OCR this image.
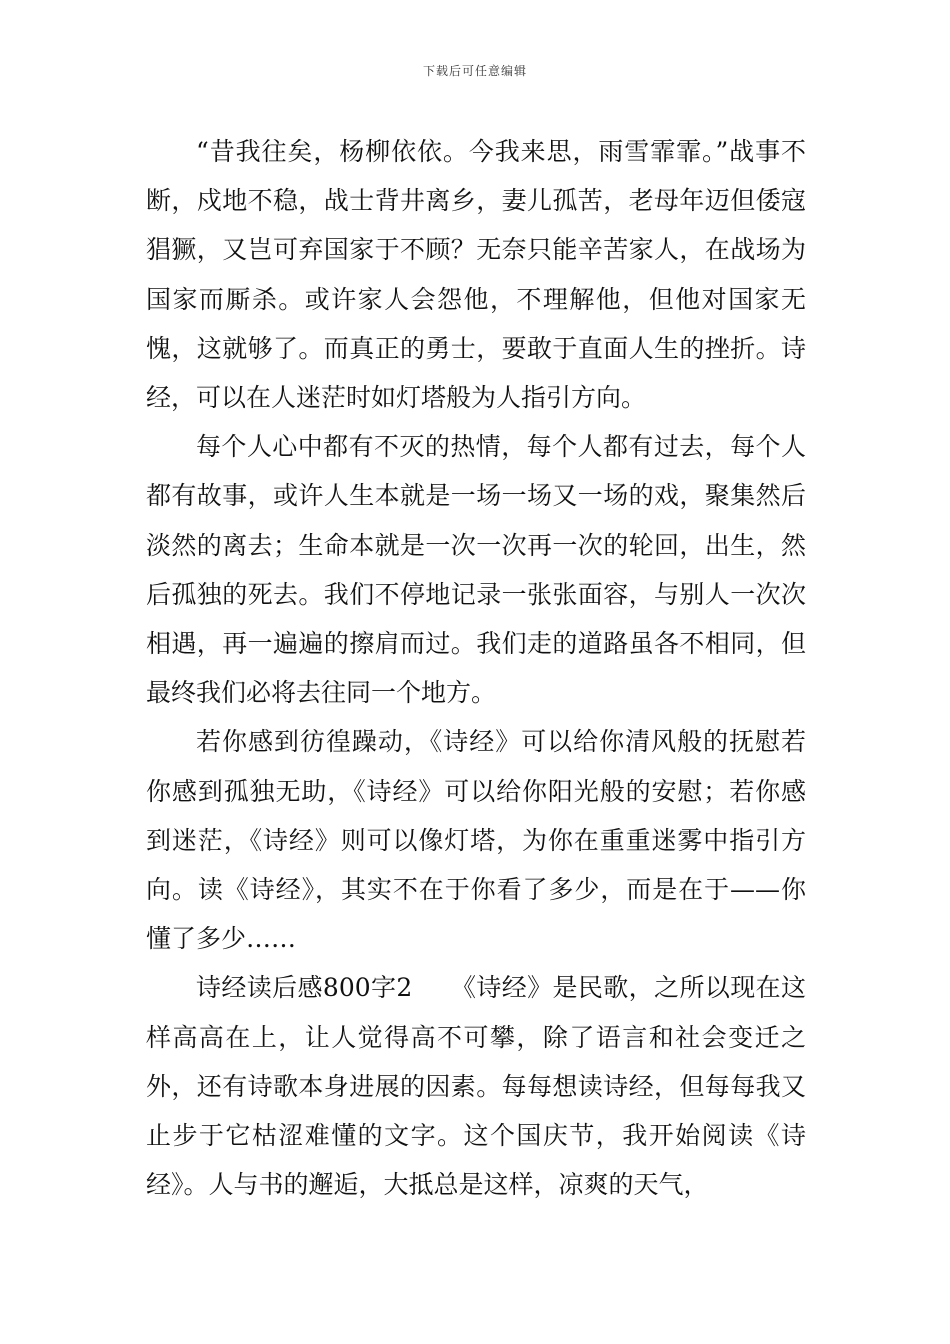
下载后可任意编辑

“昔我往矣，杨柳依依。今我来思，雨雪霏霏。”战事不断，戍地不稳，战士背井离乡，妻儿孤苦，老母年迈但倭寇猖獗，又岂可弃国家于不顾？无奈只能辛苦家人，在战场为国家而厮杀。或许家人会怨他，不理解他，但他对国家无愧，这就够了。而真正的勇士，要敢于直面人生的挫折。诗经，可以在人迷茫时如灯塔般为人指引方向。

每个人心中都有不灭的热情，每个人都有过去，每个人都有故事，或许人生本就是一场一场又一场的戏，聚集然后淡然的离去；生命本就是一次一次再一次的轮回，出生，然后孤独的死去。我们不停地记录一张张面容，与别人一次次相遇，再一遍遍的擦肩而过。我们走的道路虽各不相同，但最终我们必将去往同一个地方。

若你感到彷徨躁动，《诗经》可以给你清风般的抚慰若你感到孤独无助，《诗经》可以给你阳光般的安慰；若你感到迷茫，《诗经》则可以像灯塔，为你在重重迷雾中指引方向。读《诗经》，其实不在于你看了多少，而是在于——你懂了多少……

诗经读后感800字2　　《诗经》是民歌，之所以现在这样高高在上，让人觉得高不可攀，除了语言和社会变迁之外，还有诗歌本身进展的因素。每每想读诗经，但每每我又止步于它枯涩难懂的文字。这个国庆节，我开始阅读《诗经》。人与书的邂逅，大抵总是这样，凉爽的天气，
